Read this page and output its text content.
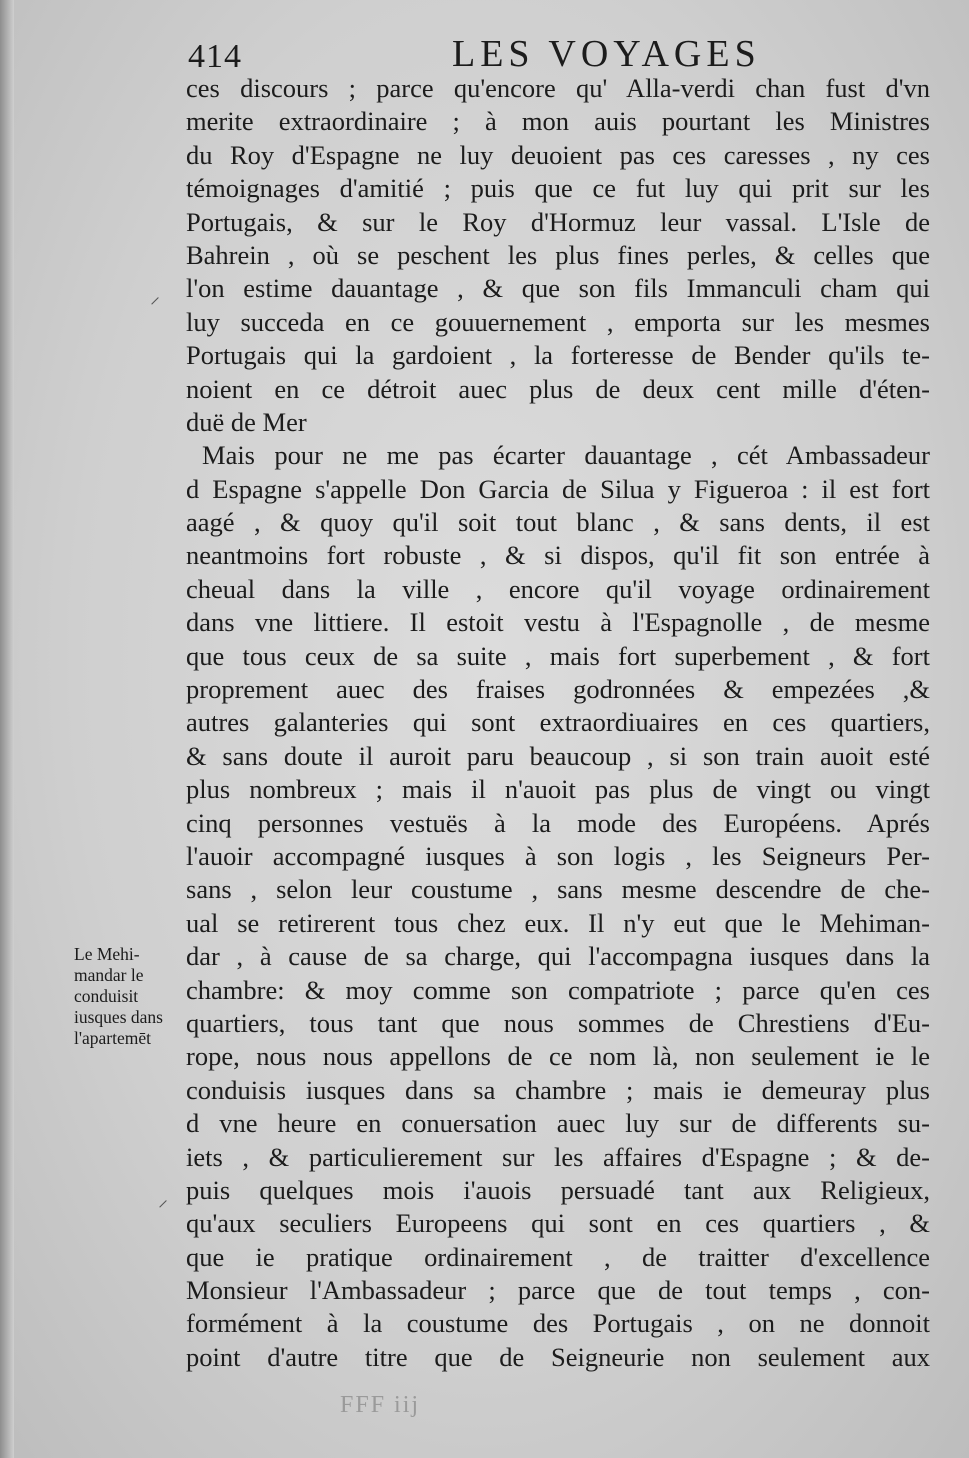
414	LES VOYAGES
ces discours ; parce qu'encore qu' Alla-verdi chan fust d'vn
merite extraordinaire ; à mon auis pourtant les Ministres
du Roy d'Espagne ne luy deuoient pas ces caresses , ny ces
témoignages d'amitié ; puis que ce fut luy qui prit sur les
Portugais, & sur le Roy d'Hormuz leur vassal. L'Isle de
Bahrein , où se peschent les plus fines perles, & celles que
l'on estime dauantage , & que son fils Immanculi cham qui
luy succeda en ce gouuernement , emporta sur les mesmes
Portugais qui la gardoient , la forteresse de Bender qu'ils te-
noient en ce détroit auec plus de deux cent mille d'éten-
duë de Mer
Mais pour ne me pas écarter dauantage , cét Ambassadeur
d Espagne s'appelle Don Garcia de Silua y Figueroa : il est fort
aagé , & quoy qu'il soit tout blanc , & sans dents, il est
neantmoins fort robuste , & si dispos, qu'il fit son entrée à
cheual dans la ville , encore qu'il voyage ordinairement
dans vne littiere. Il estoit vestu à l'Espagnolle , de mesme
que tous ceux de sa suite , mais fort superbement , & fort
proprement auec des fraises godronnées & empezées ,&
autres galanteries qui sont extraordiuaires en ces quartiers,
& sans doute il auroit paru beaucoup , si son train auoit esté
plus nombreux ; mais il n'auoit pas plus de vingt ou vingt
cinq personnes vestuës à la mode des Européens. Aprés
l'auoir accompagné iusques à son logis , les Seigneurs Per-
sans , selon leur coustume , sans mesme descendre de che-
ual se retirerent tous chez eux. Il n'y eut que le Mehiman-
dar , à cause de sa charge, qui l'accompagna iusques dans la
chambre: & moy comme son compatriote ; parce qu'en ces
quartiers, tous tant que nous sommes de Chrestiens d'Eu-
rope, nous nous appellons de ce nom là, non seulement ie le
conduisis iusques dans sa chambre ; mais ie demeuray plus
d vne heure en conuersation auec luy sur de differents su-
iets , & particulierement sur les affaires d'Espagne ; & de-
puis quelques mois i'auois persuadé tant aux Religieux,
qu'aux seculiers Europeens qui sont en ces quartiers , &
que ie pratique ordinairement , de traitter d'excellence
Monsieur l'Ambassadeur ; parce que de tout temps , con-
formément à la coustume des Portugais , on ne donnoit
point d'autre titre que de Seigneurie non seulement aux
Le Mehi-
mandar le
conduisit
iusques dans
l'apartemēt
⸝
⸝
FFF iij
